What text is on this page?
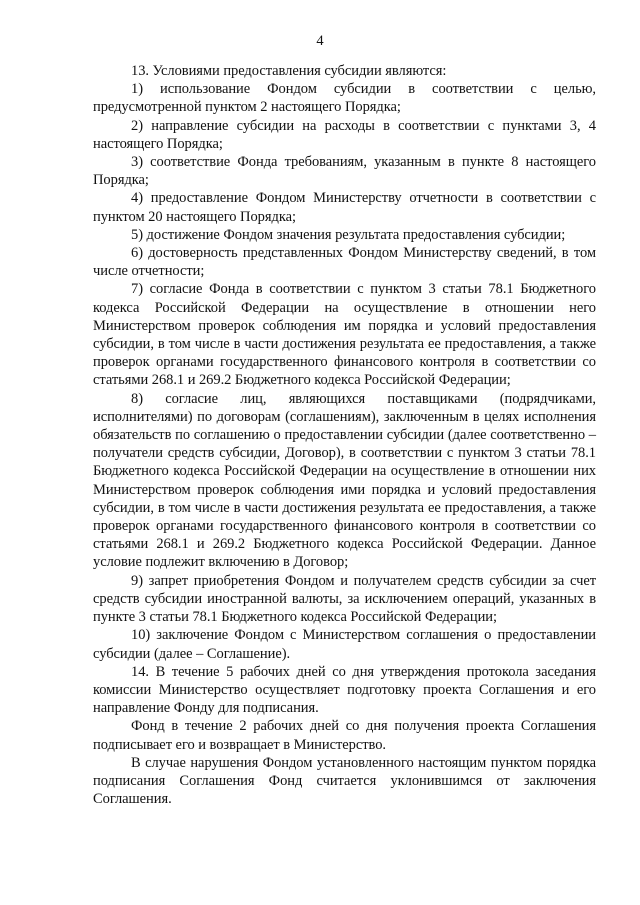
4

13. Условиями предоставления субсидии являются:

1) использование Фондом субсидии в соответствии с целью, предусмотренной пунктом 2 настоящего Порядка;

2) направление субсидии на расходы в соответствии с пунктами 3, 4 настоящего Порядка;

3) соответствие Фонда требованиям, указанным в пункте 8 настоящего Порядка;

4) предоставление Фондом Министерству отчетности в соответствии с пунктом 20 настоящего Порядка;

5) достижение Фондом значения результата предоставления субсидии;

6) достоверность представленных Фондом Министерству сведений, в том числе отчетности;

7) согласие Фонда в соответствии с пунктом 3 статьи 78.1 Бюджетного кодекса Российской Федерации на осуществление в отношении него Министерством проверок соблюдения им порядка и условий предоставления субсидии, в том числе в части достижения результата ее предоставления, а также проверок органами государственного финансового контроля в соответствии со статьями 268.1 и 269.2 Бюджетного кодекса Российской Федерации;

8) согласие лиц, являющихся поставщиками (подрядчиками, исполнителями) по договорам (соглашениям), заключенным в целях исполнения обязательств по соглашению о предоставлении субсидии (далее соответственно – получатели средств субсидии, Договор), в соответствии с пунктом 3 статьи 78.1 Бюджетного кодекса Российской Федерации на осуществление в отношении них Министерством проверок соблюдения ими порядка и условий предоставления субсидии, в том числе в части достижения результата ее предоставления, а также проверок органами государственного финансового контроля в соответствии со статьями 268.1 и 269.2 Бюджетного кодекса Российской Федерации. Данное условие подлежит включению в Договор;

9) запрет приобретения Фондом и получателем средств субсидии за счет средств субсидии иностранной валюты, за исключением операций, указанных в пункте 3 статьи 78.1 Бюджетного кодекса Российской Федерации;

10) заключение Фондом с Министерством соглашения о предоставлении субсидии (далее – Соглашение).

14. В течение 5 рабочих дней со дня утверждения протокола заседания комиссии Министерство осуществляет подготовку проекта Соглашения и его направление Фонду для подписания.

Фонд в течение 2 рабочих дней со дня получения проекта Соглашения подписывает его и возвращает в Министерство.

В случае нарушения Фондом установленного настоящим пунктом порядка подписания Соглашения Фонд считается уклонившимся от заключения Соглашения.
